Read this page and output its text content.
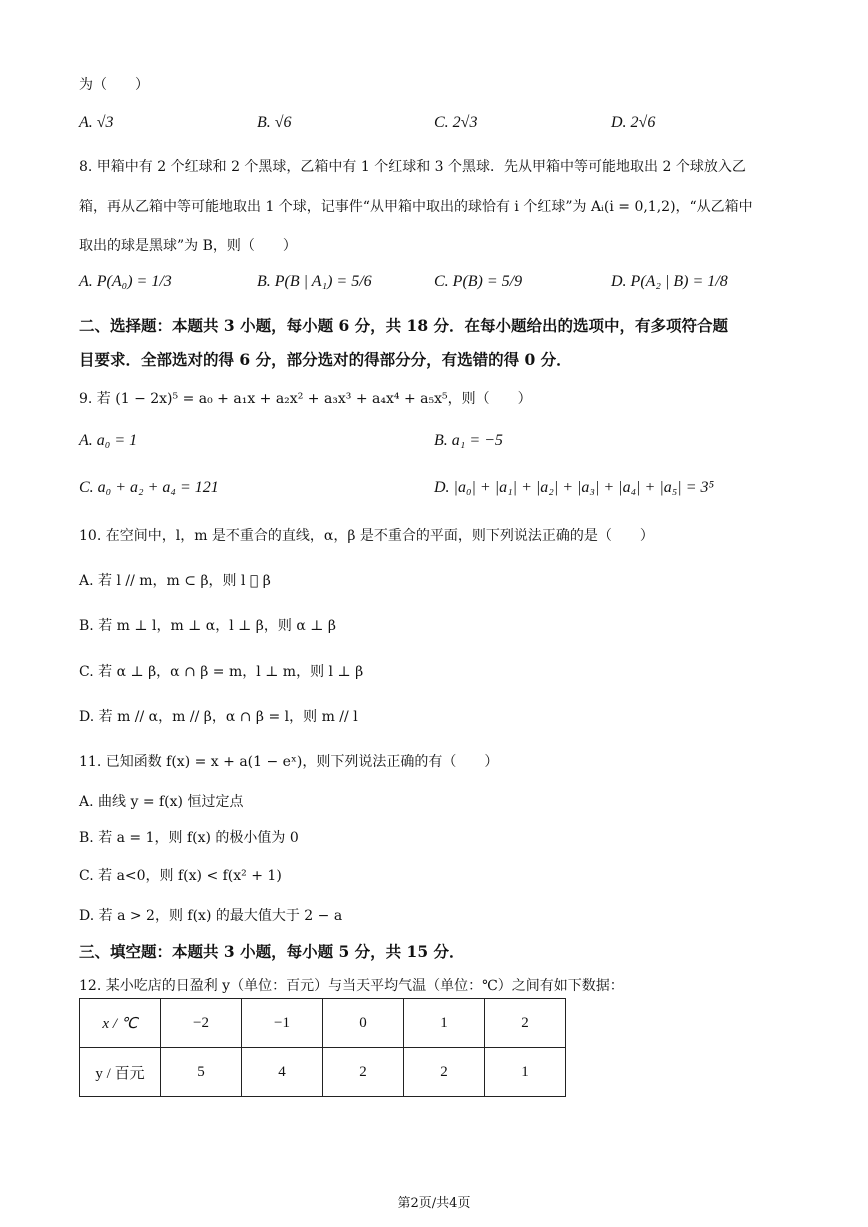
为（　　）
A. √3	B. √6	C. 2√3	D. 2√6
8. 甲箱中有 2 个红球和 2 个黑球，乙箱中有 1 个红球和 3 个黑球．先从甲箱中等可能地取出 2 个球放入乙
箱，再从乙箱中等可能地取出 1 个球，记事件“从甲箱中取出的球恰有 i 个红球”为 Aᵢ(i = 0,1,2)，“从乙箱中
取出的球是黑球”为 B，则（　　）
A. P(A₀) = 1/3	B. P(B | A₁) = 5/6	C. P(B) = 5/9	D. P(A₂ | B) = 1/8
二、选择题：本题共 3 小题，每小题 6 分，共 18 分．在每小题给出的选项中，有多项符合题
目要求．全部选对的得 6 分，部分选对的得部分分，有选错的得 0 分．
9. 若 (1 − 2x)⁵ = a₀ + a₁x + a₂x² + a₃x³ + a₄x⁴ + a₅x⁵，则（　　）
A. a₀ = 1	B. a₁ = −5
C. a₀ + a₂ + a₄ = 121	D. |a₀| + |a₁| + |a₂| + |a₃| + |a₄| + |a₅| = 3⁵
10. 在空间中，l，m 是不重合的直线，α，β 是不重合的平面，则下列说法正确的是（　　）
A. 若 l // m，m ⊂ β，则 l ⃞ β
B. 若 m ⊥ l，m ⊥ α，l ⊥ β，则 α ⊥ β
C. 若 α ⊥ β，α ∩ β = m，l ⊥ m，则 l ⊥ β
D. 若 m // α，m // β，α ∩ β = l，则 m // l
11. 已知函数 f(x) = x + a(1 − eˣ)，则下列说法正确的有（　　）
A. 曲线 y = f(x) 恒过定点
B. 若 a = 1，则 f(x) 的极小值为 0
C. 若 a<0，则 f(x) < f(x² + 1)
D. 若 a > 2，则 f(x) 的最大值大于 2 − a
三、填空题：本题共 3 小题，每小题 5 分，共 15 分．
12. 某小吃店的日盈利 y（单位：百元）与当天平均气温（单位：℃）之间有如下数据：
x / ℃	−2	−1	0	1	2
y / 百元	5	4	2	2	1
第2页/共4页
